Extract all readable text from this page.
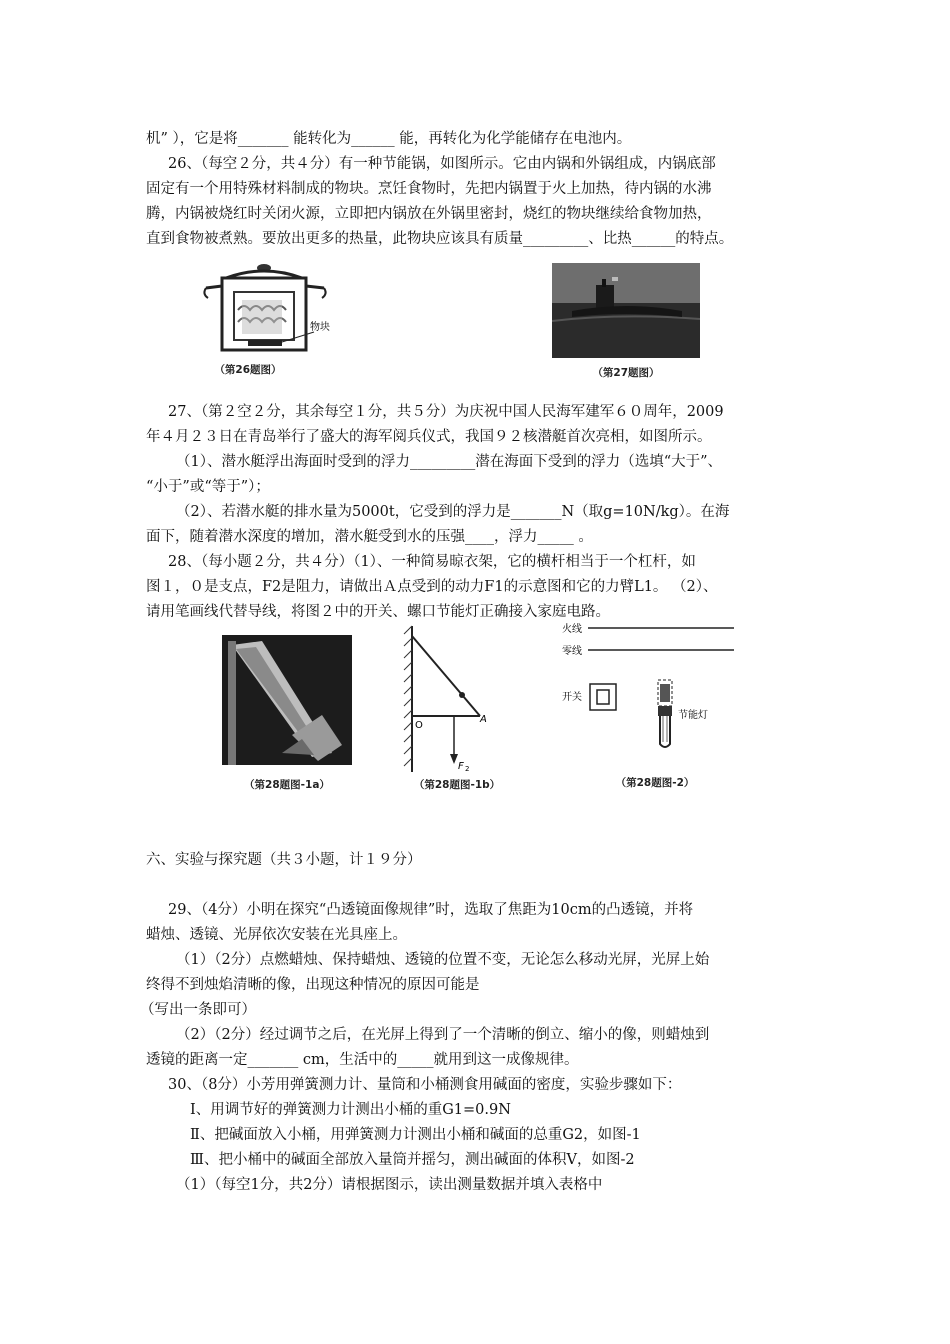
机” ），它是将_______ 能转化为______ 能，再转化为化学能储存在电池内。
26、（每空２分，共４分）有一种节能锅，如图所示。它由内锅和外锅组成，内锅底部
固定有一个用特殊材料制成的物块。烹饪食物时，先把内锅置于火上加热，待内锅的水沸
腾，内锅被烧红时关闭火源，立即把内锅放在外锅里密封，烧红的物块继续给食物加热，
直到食物被煮熟。要放出更多的热量，此物块应该具有质量_________、比热______的特点。
物块
（第26题图）	（第27题图）
27、（第２空２分，其余每空１分，共５分）为庆祝中国人民海军建军６０周年，2009
年４月２３日在青岛举行了盛大的海军阅兵仪式，我国９２核潜艇首次亮相，如图所示。
（1）、潜水艇浮出海面时受到的浮力_________潜在海面下受到的浮力（选填“大于”、
“小于”或“等于”）；
（2）、若潜水艇的排水量为5000t，它受到的浮力是_______N（取g=10N/kg）。在海
面下，随着潜水深度的增加，潜水艇受到水的压强____，浮力_____ 。
28、（每小题２分，共４分）（1）、一种简易晾衣架，它的横杆相当于一个杠杆，如
图１，０是支点，F2是阻力，请做出Ａ点受到的动力F1的示意图和它的力臂L1。 （2）、
请用笔画线代替导线，将图２中的开关、螺口节能灯正确接入家庭电路。
（第28题图-1a）
O
A
F 2
（第28题图-1b）
火线
零线
开关
节能灯
（第28题图-2）
六、实验与探究题（共３小题，计１９分）
29、（4分）小明在探究“凸透镜面像规律”时，选取了焦距为10cm的凸透镜，并将
蜡烛、透镜、光屏依次安装在光具座上。
（1）（2分）点燃蜡烛、保持蜡烛、透镜的位置不变，无论怎么移动光屏，光屏上始
终得不到烛焰清晰的像，出现这种情况的原因可能是
（写出一条即可）
（2）（2分）经过调节之后，在光屏上得到了一个清晰的倒立、缩小的像，则蜡烛到
透镜的距离一定_______ cm，生活中的_____就用到这一成像规律。
30、（8分）小芳用弹簧测力计、量筒和小桶测食用碱面的密度，实验步骤如下：
Ⅰ、用调节好的弹簧测力计测出小桶的重G1=0.9N
Ⅱ、把碱面放入小桶，用弹簧测力计测出小桶和碱面的总重G2，如图-1
Ⅲ、把小桶中的碱面全部放入量筒并摇匀，测出碱面的体积V，如图-2
（1）（每空1分，共2分）请根据图示，读出测量数据并填入表格中
